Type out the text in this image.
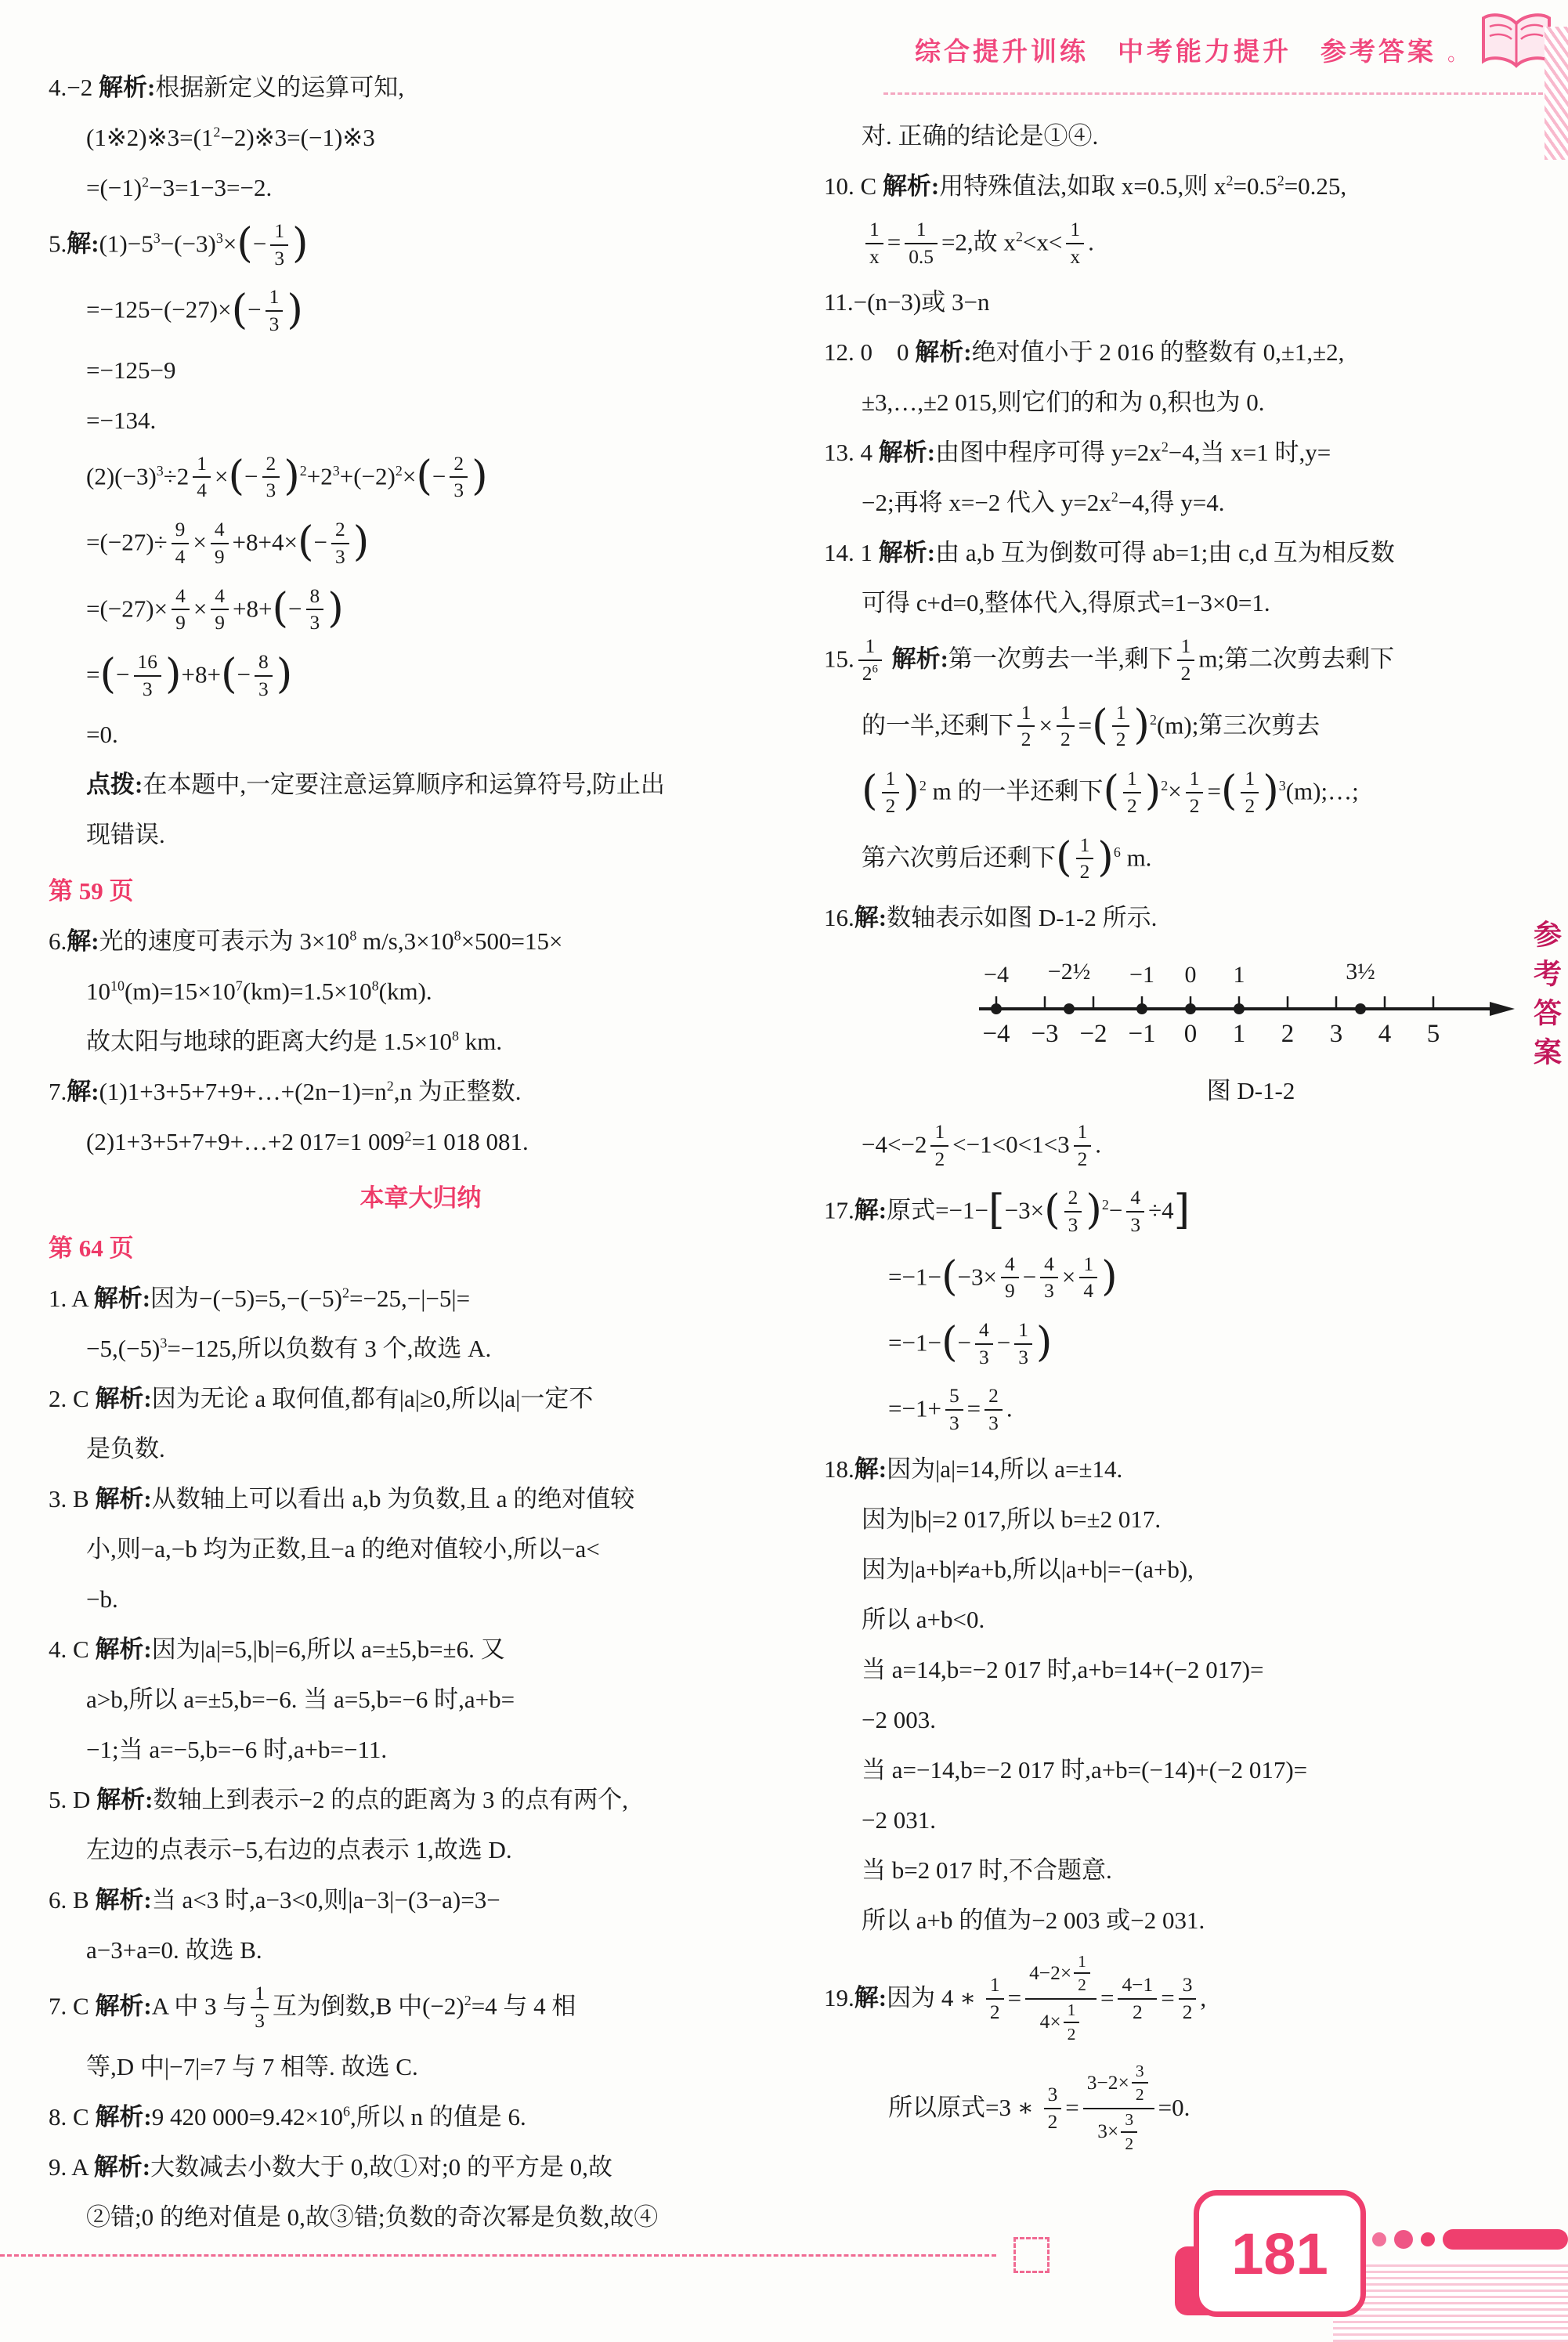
综合提升训练　中考能力提升　参考答案 。
4.−2 解析:根据新定义的运算可知,
$(1※2)※3=(1^2-2)※3=(-1)※3$
$=(-1)^2-3=1-3=-2$.
5.解$:(1)-5^3-(-3)^3\times(- \frac{1}{3}$ )
$=-125-(-27)\times(- \frac{1}{3}$ )
=−125−9
=−134.
$(2)(-3)^3\div 2 \frac{1}{4}$ ×(− $\frac{2}{3} )^2+2^3+(-2)^2\times(- \frac{2}{3}$ )
$=(-27)\div \frac{9}{4} \times \frac{4}{9} +8+4\times(- \frac{2}{3}$ )
$=(-27)\times \frac{4}{9} \times \frac{4}{9} +8+(- \frac{8}{3}$ )
=(− $\frac{16}{3} )+8+(- \frac{8}{3}$ )
=0.
点拨:在本题中,一定要注意运算顺序和运算符号,防止出
现错误.
第 59 页
6.解:光的速度可表示为 $3\times 10^8$ $m/s,3\times 10^8\times 500=15\times$
$10^{10}(m)=15\times 10^7(km)=1.5\times 10^8(km)$.
故太阳与地球的距离大约是 $1.5\times 10^8$ km.
7.解$:(1)1+3+5+7+9+\dots+(2n-1)=n^2,n$ 为正整数.
(2)1+3+5+7+9+…+2 017=1 $009^2=1$ 018 081.
本章大归纳
第 64 页
1. A 解析:因为$-(-5)=5,-(-5)^2=-25,-|-5|=$
$-5,(-5)^3=-125$,所以负数有 3 个,故选 A.
2. C 解析:因为无论 a 取何值,都有|a|≥0,所以|a|一定不
是负数.
3. B 解析:从数轴上可以看出 a,b 为负数,且 a 的绝对值较
小,则−a,−b 均为正数,且−a 的绝对值较小,所以−a<
−b.
4. C 解析:因为|a|=5,|b|=6,所以 a=±5,b=±6. 又
a>b,所以 a=±5,b=−6. 当 a=5,b=−6 时,a+b=
−1;当 a=−5,b=−6 时,a+b=−11.
5. D 解析:数轴上到表示−2 的点的距离为 3 的点有两个,
左边的点表示−5,右边的点表示 1,故选 D.
6. B 解析:当 a<3 时,a−3<0,则|a−3|−(3−a)=3−
a−3+a=0. 故选 B.
7. C 解析:A 中 3 与 $\frac{1}{3}$ 互为倒数,B 中$(-2)^2=4$ 与 4 相
等,D 中|−7|=7 与 7 相等. 故选 C.
8. C 解析:9 420 $000=9.42\times 10^6$,所以 n 的值是 6.
9. A 解析:大数减去小数大于 0,故①对;0 的平方是 0,故
②错;0 的绝对值是 0,故③错;负数的奇次幂是负数,故④
对. 正确的结论是①④.
10. C 解析:用特殊值法,如取 x=0.5,则 $x^2=0.5^2=0.25$,
$\frac{1}{x} = \frac{1}{0.5} =2$,故 $x^2<x< \frac{1}{x}$ .
11.−(n−3)或 3−n
12. 0　0 解析:绝对值小于 2 016 的整数有 0,±1,±2,
±3,…,±2 015,则它们的和为 0,积也为 0.
13. 4 解析:由图中程序可得 $y=2x^2-4$,当 x=1 时,y=
−2;再将 x=−2 代入 $y=2x^2-4$,得 y=4.
14. 1 解析:由 a,b 互为倒数可得 ab=1;由 c,d 互为相反数
可得 c+d=0,整体代入,得原式=1−3×0=1.
15. $\frac{1}{2^6}$ 解析:第一次剪去一半,剩下 $\frac{1}{2} m$;第二次剪去剩下
的一半,还剩下 $\frac{1}{2} \times \frac{1}{2}$ =( $\frac{1}{2} )^2(m)$;第三次剪去
( $\frac{1}{2} )^2$ m 的一半还剩下( $\frac{1}{2} )^2\times \frac{1}{2}$ =( $\frac{1}{2}$ )$^3$(m);…;
第六次剪后还剩下( $\frac{1}{2} )^6$ m.
16.解:数轴表示如图 D-1-2 所示.
−4 −2½ −1 0 1	3½
−4 −3 −2 −1 0 1 2 3 4 5
图 D-1-2
$-4<-2 \frac{1}{2} <-1<0<1<3 \frac{1}{2}$ .
17.解:原式$=-1-[-3\times( \frac{2}{3} )^2- \frac{4}{3} \div 4]$
$=-1-(-3\times \frac{4}{9} - \frac{4}{3} \times \frac{1}{4}$ )
$=-1-(- \frac{4}{3} - \frac{1}{3}$ )
$=-1+ \frac{5}{3} = \frac{2}{3}$ .
18.解:因为|a|=14,所以 a=±14.
因为|b|=2 017,所以 b=±2 017.
因为|a+b|≠a+b,所以|a+b|=−(a+b),
所以 a+b<0.
当 a=14,b=−2 017 时,a+b=14+(−2 017)=
−2 003.
当 a=−14,b=−2 017 时,a+b=(−14)+(−2 017)=
−2 031.
当 b=2 017 时,不合题意.
所以 a+b 的值为−2 003 或−2 031.
19.解:因为 4 ∗ $\frac{1}{2} = \frac{4-2\times \frac{1}{2}}{4\times \frac{1}{2}} = \frac{4-1}{2} = \frac{3}{2}$ ,
所以原式=3 ∗ $\frac{3}{2} = \frac{3-2\times \frac{3}{2}}{3\times \frac{3}{2}} =0$.
参考答案
181
